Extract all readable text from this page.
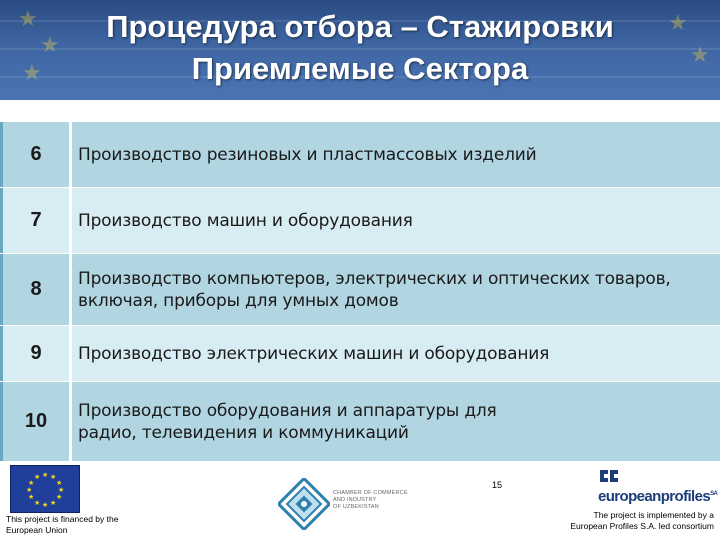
★
★
★
★
★
Процедура отбора – Стажировки
Приемлемые Сектора
6	Производство резиновых и пластмассовых изделий
7	Производство машин и оборудования
8	Производство компьютеров, электрических и оптических товаров,
включая, приборы для умных домов
9	Производство электрических машин и оборудования
10	Производство оборудования и аппаратуры для
радио, телевидения и коммуникаций
★ ★
★
★
★
★
★
★
★
★
★
★
This project is financed by the
European Union
CHAMBER OF COMMERCE
AND INDUSTRY
OF UZBEKISTAN
15
europeanprofiles$^{SA}$
The project is implemented by a
European Profiles S.A. led consortium
